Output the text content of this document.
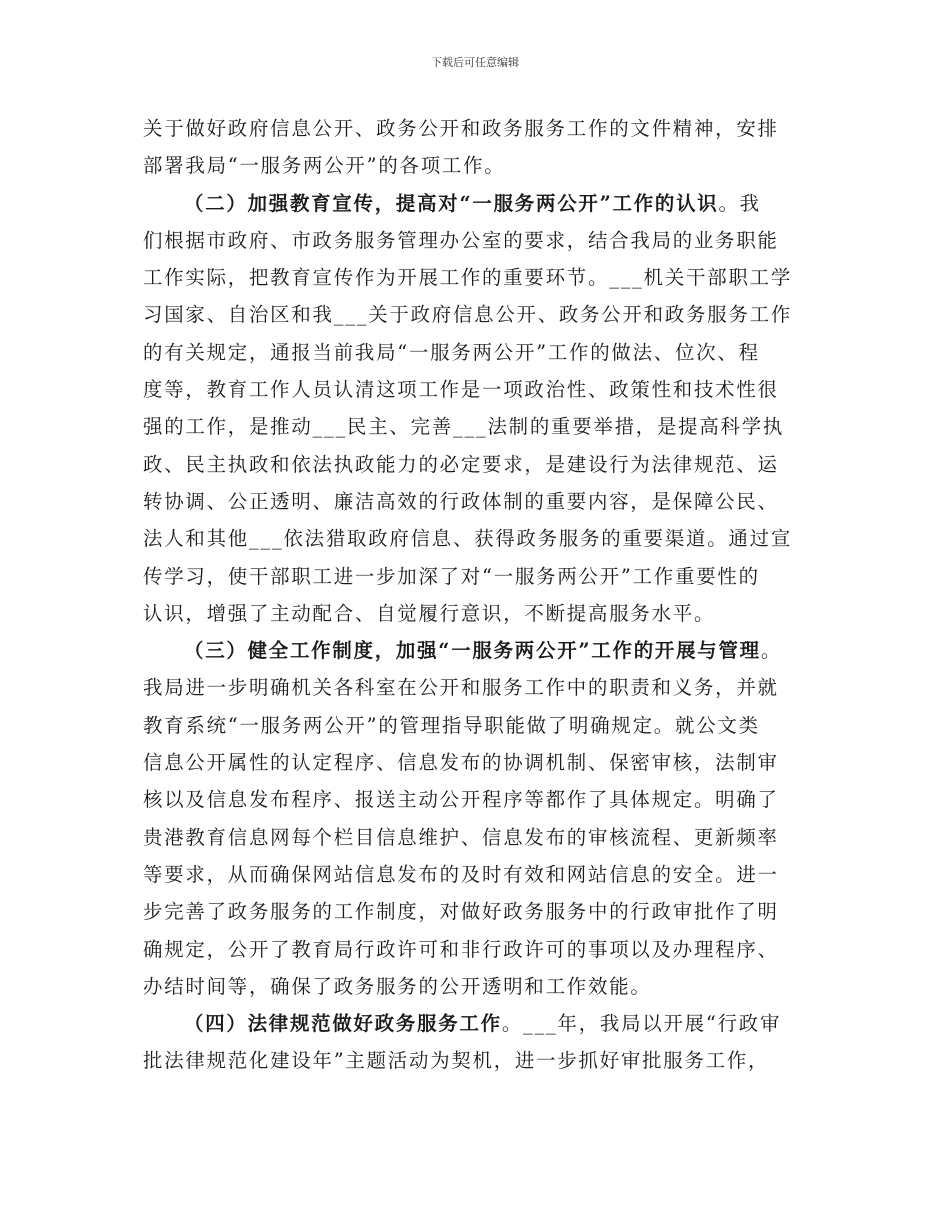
下载后可任意编辑
关于做好政府信息公开、政务公开和政务服务工作的文件精神，安排
部署我局“一服务两公开”的各项工作。
（二）加强教育宣传，提高对“一服务两公开”工作的认识。我
们根据市政府、市政务服务管理办公室的要求，结合我局的业务职能
工作实际，把教育宣传作为开展工作的重要环节。___机关干部职工学
习国家、自治区和我___关于政府信息公开、政务公开和政务服务工作
的有关规定，通报当前我局“一服务两公开”工作的做法、位次、程
度等，教育工作人员认清这项工作是一项政治性、政策性和技术性很
强的工作，是推动___民主、完善___法制的重要举措，是提高科学执
政、民主执政和依法执政能力的必定要求，是建设行为法律规范、运
转协调、公正透明、廉洁高效的行政体制的重要内容，是保障公民、
法人和其他___依法猎取政府信息、获得政务服务的重要渠道。通过宣
传学习，使干部职工进一步加深了对“一服务两公开”工作重要性的
认识，增强了主动配合、自觉履行意识，不断提高服务水平。
（三）健全工作制度，加强“一服务两公开”工作的开展与管理。
我局进一步明确机关各科室在公开和服务工作中的职责和义务，并就
教育系统“一服务两公开”的管理指导职能做了明确规定。就公文类
信息公开属性的认定程序、信息发布的协调机制、保密审核，法制审
核以及信息发布程序、报送主动公开程序等都作了具体规定。明确了
贵港教育信息网每个栏目信息维护、信息发布的审核流程、更新频率
等要求，从而确保网站信息发布的及时有效和网站信息的安全。进一
步完善了政务服务的工作制度，对做好政务服务中的行政审批作了明
确规定，公开了教育局行政许可和非行政许可的事项以及办理程序、
办结时间等，确保了政务服务的公开透明和工作效能。
（四）法律规范做好政务服务工作。___年，我局以开展“行政审
批法律规范化建设年”主题活动为契机，进一步抓好审批服务工作，
